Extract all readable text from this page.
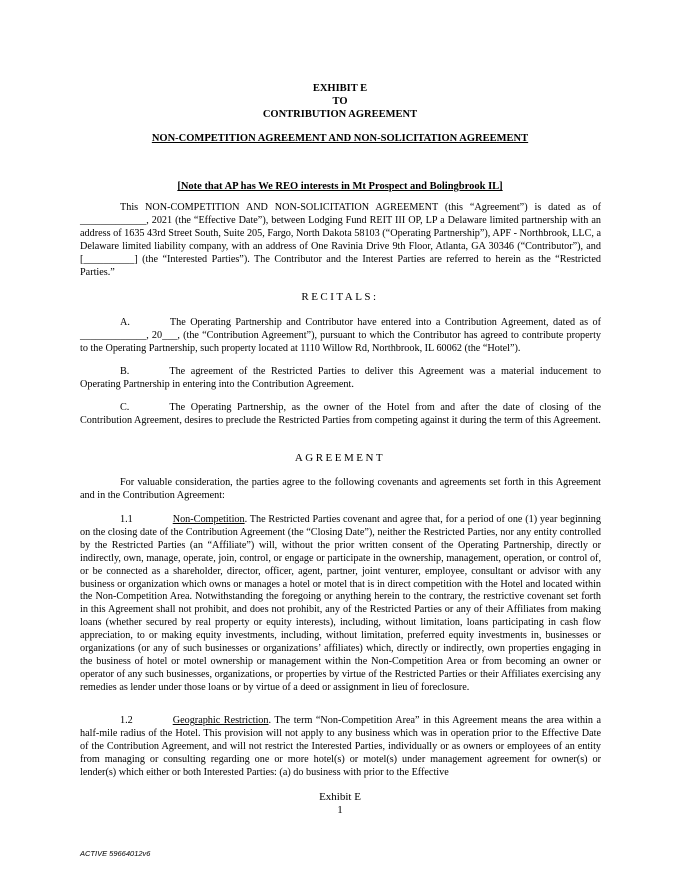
EXHIBIT E
TO
CONTRIBUTION AGREEMENT
NON-COMPETITION AGREEMENT AND NON-SOLICITATION AGREEMENT
[Note that AP has We REO interests in Mt Prospect and Bolingbrook IL]
This NON-COMPETITION AND NON-SOLICITATION AGREEMENT (this “Agreement”) is dated as of _____________, 2021 (the “Effective Date”), between Lodging Fund REIT III OP, LP a Delaware limited partnership with an address of 1635 43rd Street South, Suite 205, Fargo, North Dakota 58103 (“Operating Partnership”), APF - Northbrook, LLC, a Delaware limited liability company, with an address of One Ravinia Drive 9th Floor, Atlanta, GA 30346 (“Contributor”), and [__________] (the “Interested Parties”). The Contributor and the Interest Parties are referred to herein as the “Restricted Parties.”
RECITALS:
A.	The Operating Partnership and Contributor have entered into a Contribution Agreement, dated as of _____________, 20___, (the “Contribution Agreement”), pursuant to which the Contributor has agreed to contribute property to the Operating Partnership, such property located at 1110 Willow Rd, Northbrook, IL 60062 (the “Hotel”).
B.	The agreement of the Restricted Parties to deliver this Agreement was a material inducement to Operating Partnership in entering into the Contribution Agreement.
C.	The Operating Partnership, as the owner of the Hotel from and after the date of closing of the Contribution Agreement, desires to preclude the Restricted Parties from competing against it during the term of this Agreement.
AGREEMENT
For valuable consideration, the parties agree to the following covenants and agreements set forth in this Agreement and in the Contribution Agreement:
1.1	Non-Competition. The Restricted Parties covenant and agree that, for a period of one (1) year beginning on the closing date of the Contribution Agreement (the “Closing Date”), neither the Restricted Parties, nor any entity controlled by the Restricted Parties (an “Affiliate”) will, without the prior written consent of the Operating Partnership, directly or indirectly, own, manage, operate, join, control, or engage or participate in the ownership, management, operation, or control of, or be connected as a shareholder, director, officer, agent, partner, joint venturer, employee, consultant or advisor with any business or organization which owns or manages a hotel or motel that is in direct competition with the Hotel and located within the Non-Competition Area. Notwithstanding the foregoing or anything herein to the contrary, the restrictive covenant set forth in this Agreement shall not prohibit, and does not prohibit, any of the Restricted Parties or any of their Affiliates from making loans (whether secured by real property or equity interests), including, without limitation, loans participating in cash flow appreciation, to or making equity investments, including, without limitation, preferred equity investments in, businesses or organizations (or any of such businesses or organizations’ affiliates) which, directly or indirectly, own properties engaging in the business of hotel or motel ownership or management within the Non-Competition Area or from becoming an owner or operator of any such businesses, organizations, or properties by virtue of the Restricted Parties or their Affiliates exercising any remedies as lender under those loans or by virtue of a deed or assignment in lieu of foreclosure.
1.2	Geographic Restriction. The term “Non-Competition Area” in this Agreement means the area within a half-mile radius of the Hotel. This provision will not apply to any business which was in operation prior to the Effective Date of the Contribution Agreement, and will not restrict the Interested Parties, individually or as owners or employees of an entity from managing or consulting regarding one or more hotel(s) or motel(s) under management agreement for owner(s) or lender(s) which either or both Interested Parties: (a) do business with prior to the Effective
Exhibit E
1
ACTIVE 59664012v6
